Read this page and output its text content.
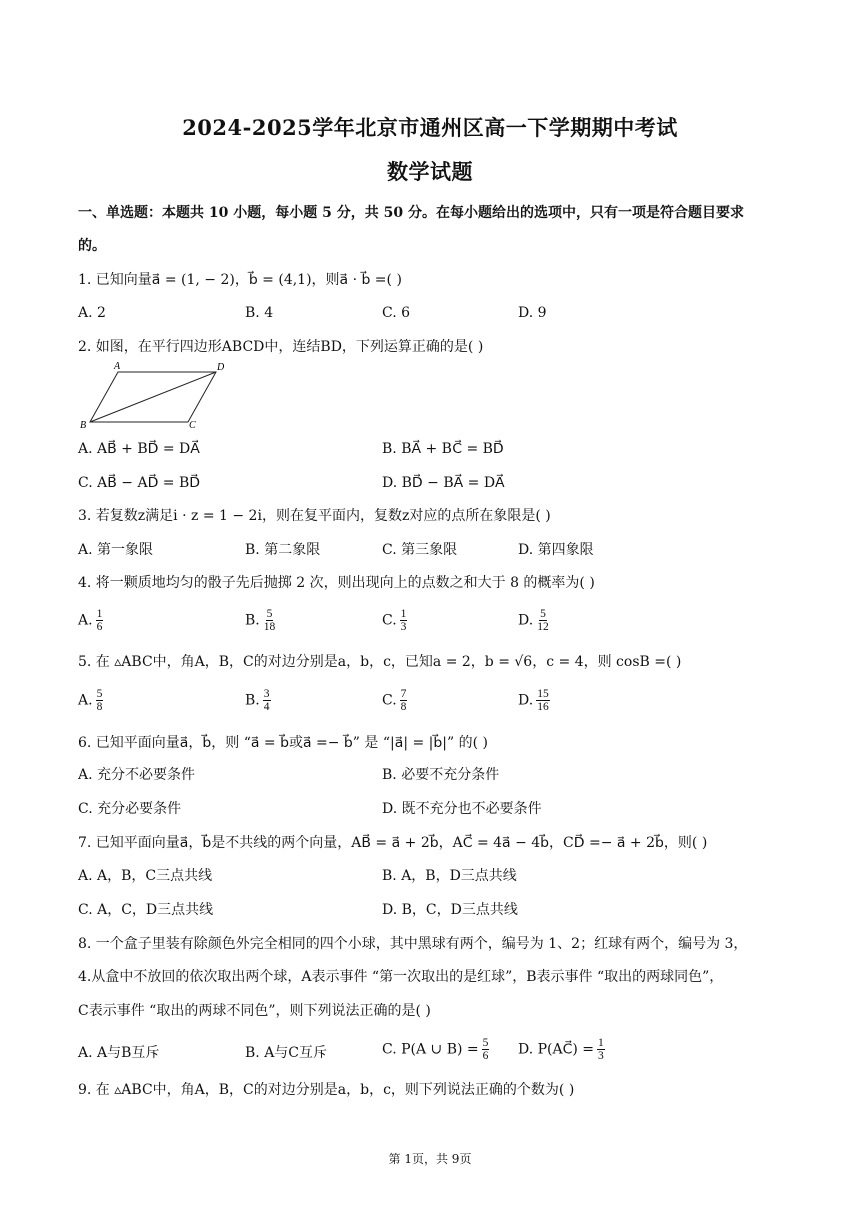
2024-2025学年北京市通州区高一下学期期中考试
数学试题
一、单选题：本题共 10 小题，每小题 5 分，共 50 分。在每小题给出的选项中，只有一项是符合题目要求
的。
1. 已知向量a⃗ = (1, − 2)，b⃗ = (4,1)，则a⃗ · b⃗ =( )
A. 2	B. 4	C. 6	D. 9
2. 如图，在平行四边形ABCD中，连结BD，下列运算正确的是( )
A	D
B	C
A. AB⃗ + BD⃗ = DA⃗	B. BA⃗ + BC⃗ = BD⃗
C. AB⃗ − AD⃗ = BD⃗	D. BD⃗ − BA⃗ = DA⃗
3. 若复数z满足i · z = 1 − 2i，则在复平面内，复数z对应的点所在象限是( )
A. 第一象限	B. 第二象限	C. 第三象限	D. 第四象限
4. 将一颗质地均匀的骰子先后抛掷 2 次，则出现向上的点数之和大于 8 的概率为( )
A. $\frac{1}{6}$	B. $\frac{5}{18}$	C. $\frac{1}{3}$	D. $\frac{5}{12}$
5. 在 ▵ABC中，角A，B，C的对边分别是a，b，c，已知a = 2，b = √6，c = 4，则 cosB =( )
A. $\frac{5}{8}$	B. $\frac{3}{4}$	C. $\frac{7}{8}$	D. $\frac{15}{16}$
6. 已知平面向量a⃗，b⃗，则 “a⃗ = b⃗或a⃗ =− b⃗” 是 “|a⃗| = |b⃗|” 的( )
A. 充分不必要条件	B. 必要不充分条件
C. 充分必要条件	D. 既不充分也不必要条件
7. 已知平面向量a⃗，b⃗是不共线的两个向量，AB⃗ = a⃗ + 2b⃗，AC⃗ = 4a⃗ − 4b⃗，CD⃗ =− a⃗ + 2b⃗，则( )
A. A，B，C三点共线	B. A，B，D三点共线
C. A，C，D三点共线	D. B，C，D三点共线
8. 一个盒子里装有除颜色外完全相同的四个小球，其中黑球有两个，编号为 1、2；红球有两个，编号为 3，
4.从盒中不放回的依次取出两个球，A表示事件 “第一次取出的是红球”，B表示事件 “取出的两球同色”，
C表示事件 “取出的两球不同色”，则下列说法正确的是( )
A. A与B互斥	B. A与C互斥	C. P(A ∪ $B) = \frac{5}{6} D$. P(AC⃗) = $\frac{1}{3}$
9. 在 ▵ABC中，角A，B，C的对边分别是a，b，c，则下列说法正确的个数为( )
第 1页，共 9页
